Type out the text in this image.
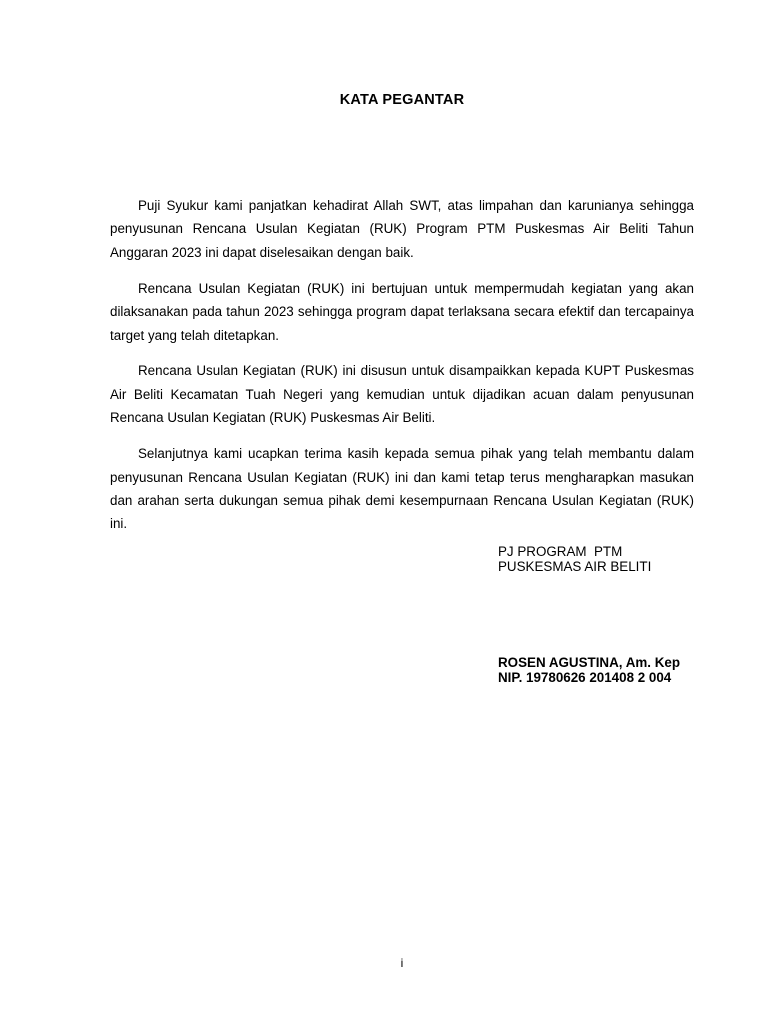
KATA PEGANTAR

Puji Syukur kami panjatkan kehadirat Allah SWT, atas limpahan dan karunianya sehingga penyusunan Rencana Usulan Kegiatan (RUK) Program PTM Puskesmas Air Beliti Tahun Anggaran 2023 ini dapat diselesaikan dengan baik.

Rencana Usulan Kegiatan (RUK) ini bertujuan untuk mempermudah kegiatan yang akan dilaksanakan pada tahun 2023 sehingga program dapat terlaksana secara efektif dan tercapainya target yang telah ditetapkan.

Rencana Usulan Kegiatan (RUK) ini disusun untuk disampaikkan kepada KUPT Puskesmas Air Beliti Kecamatan Tuah Negeri yang kemudian untuk dijadikan acuan dalam penyusunan Rencana Usulan Kegiatan (RUK) Puskesmas Air Beliti.

Selanjutnya kami ucapkan terima kasih kepada semua pihak yang telah membantu dalam penyusunan Rencana Usulan Kegiatan (RUK) ini dan kami tetap terus mengharapkan masukan dan arahan serta dukungan semua pihak demi kesempurnaan Rencana Usulan Kegiatan (RUK) ini.

PJ PROGRAM  PTM
PUSKESMAS AIR BELITI
ROSEN AGUSTINA, Am. Kep
NIP. 19780626 201408 2 004
i
